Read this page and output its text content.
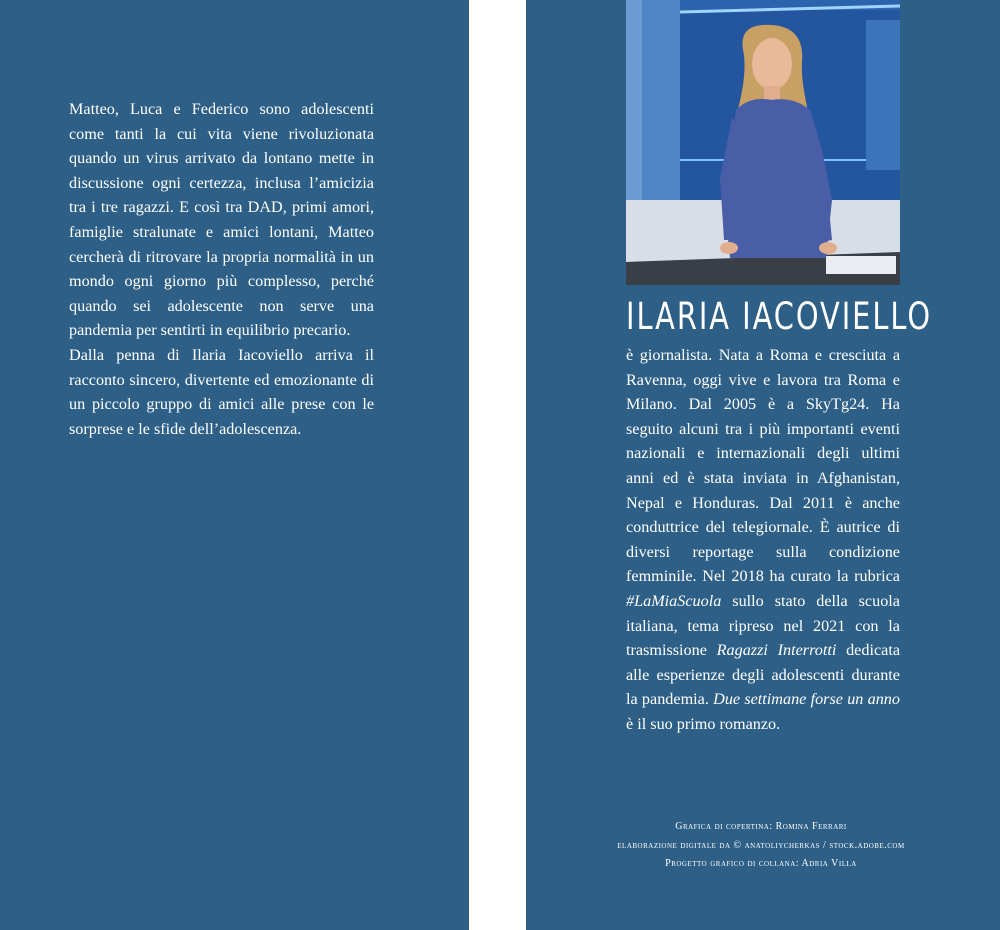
Matteo, Luca e Federico sono adolescenti come tanti la cui vita viene rivoluzionata quando un virus arrivato da lontano mette in discussione ogni certezza, inclusa l’amicizia tra i tre ragazzi. E così tra DAD, primi amori, famiglie stralunate e amici lontani, Matteo cercherà di ritrovare la propria normalità in un mondo ogni giorno più complesso, perché quando sei adolescente non serve una pandemia per sentirti in equilibrio precario.

Dalla penna di Ilaria Iacoviello arriva il racconto sincero, divertente ed emozionante di un piccolo gruppo di amici alle prese con le sorprese e le sfide dell’adolescenza.

ILARIA IACOVIELLO

è giornalista. Nata a Roma e cresciuta a Ravenna, oggi vive e lavora tra Roma e Milano. Dal 2005 è a SkyTg24. Ha seguito alcuni tra i più importanti eventi nazionali e internazionali degli ultimi anni ed è stata inviata in Afghanistan, Nepal e Honduras. Dal 2011 è anche conduttrice del telegiornale. È autrice di diversi reportage sulla condizione femminile. Nel 2018 ha curato la rubrica #LaMiaScuola sullo stato della scuola italiana, tema ripreso nel 2021 con la trasmissione Ragazzi Interrotti dedicata alle esperienze degli adolescenti durante la pandemia. Due settimane forse un anno è il suo primo romanzo.

Grafica di copertina: Romina Ferrari
elaborazione digitale da © anatoliycherkas / stock.adobe.com
Progetto grafico di collana: Adria Villa
